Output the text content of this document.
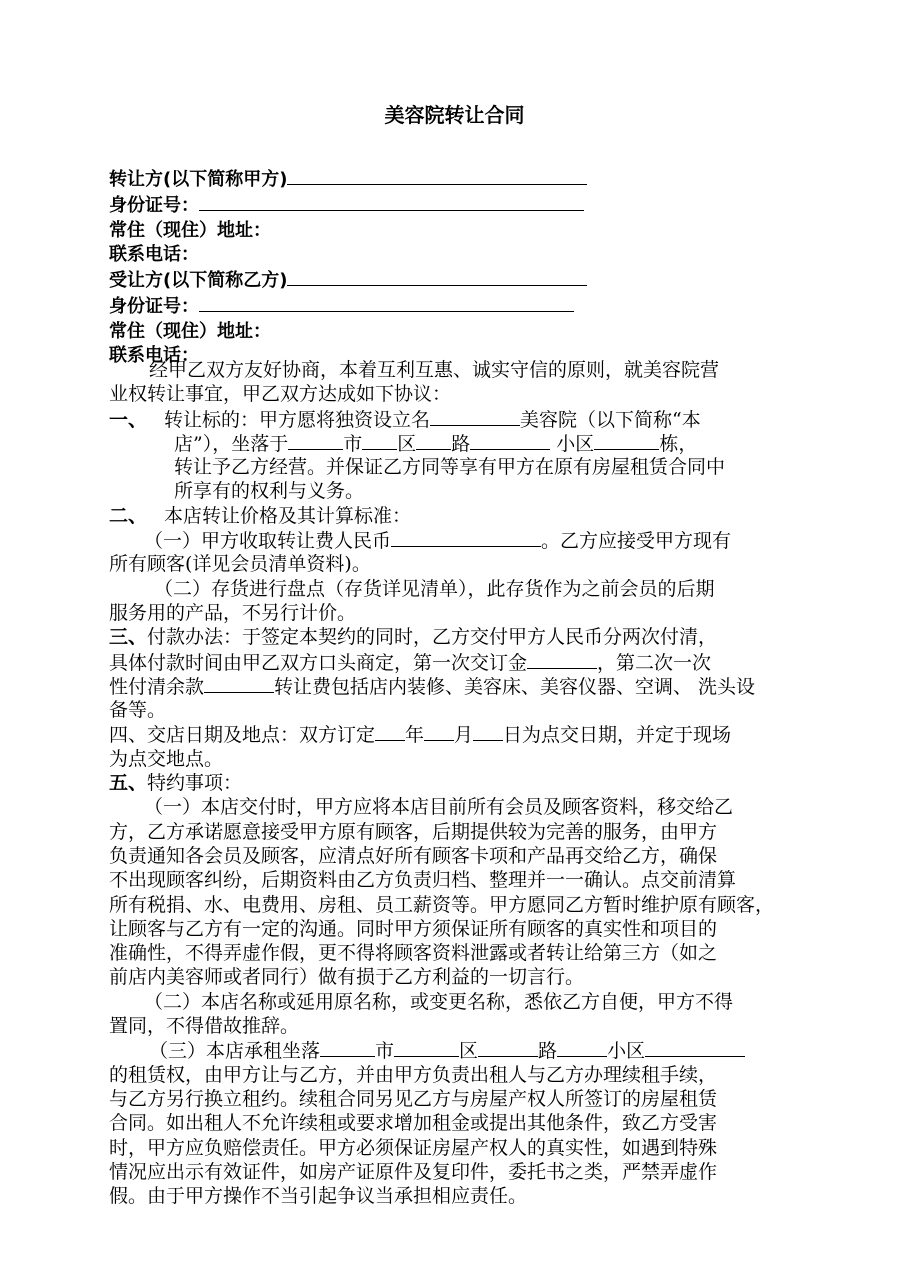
美容院转让合同
转让方(以下简称甲方)
身份证号：
常住（现住）地址：
联系电话：
受让方(以下简称乙方)
身份证号：
常住（现住）地址：
联系电话：
经甲乙双方友好协商，本着互利互惠、诚实守信的原则，就美容院营
业权转让事宜，甲乙双方达成如下协议：
一、 转让标的：甲方愿将独资设立名	美容院（以下简称“本
店”），坐落于	市 区 路	小区	栋，
转让予乙方经营。并保证乙方同等享有甲方在原有房屋租赁合同中
所享有的权利与义务。
二、 本店转让价格及其计算标准：
（一）甲方收取转让费人民币	。乙方应接受甲方现有
所有顾客(详见会员清单资料)。
（二）存货进行盘点（存货详见清单），此存货作为之前会员的后期
服务用的产品，不另行计价。
三、付款办法：于签定本契约的同时，乙方交付甲方人民币分两次付清，
具体付款时间由甲乙双方口头商定，第一次交订金	，第二次一次
性付清余款	转让费包括店内装修、美容床、美容仪器、空调、 洗头设
备等。
四、交店日期及地点：双方订定 年 月 日为点交日期，并定于现场
为点交地点。
五、特约事项：
（一）本店交付时，甲方应将本店目前所有会员及顾客资料，移交给乙
方，乙方承诺愿意接受甲方原有顾客，后期提供较为完善的服务，由甲方
负责通知各会员及顾客，应清点好所有顾客卡项和产品再交给乙方，确保
不出现顾客纠纷，后期资料由乙方负责归档、整理并一一确认。点交前清算
所有税捐、水、电费用、房租、员工薪资等。甲方愿同乙方暂时维护原有顾客，
让顾客与乙方有一定的沟通。同时甲方须保证所有顾客的真实性和项目的
准确性，不得弄虚作假，更不得将顾客资料泄露或者转让给第三方（如之
前店内美容师或者同行）做有损于乙方利益的一切言行。
（二）本店名称或延用原名称，或变更名称，悉依乙方自便，甲方不得
置同，不得借故推辞。
（三）本店承租坐落	市	区	路	小区
的租赁权，由甲方让与乙方，并由甲方负责出租人与乙方办理续租手续，
与乙方另行换立租约。续租合同另见乙方与房屋产权人所签订的房屋租赁
合同。如出租人不允许续租或要求增加租金或提出其他条件，致乙方受害
时，甲方应负赔偿责任。甲方必须保证房屋产权人的真实性，如遇到特殊
情况应出示有效证件，如房产证原件及复印件，委托书之类，严禁弄虚作
假。由于甲方操作不当引起争议当承担相应责任。
